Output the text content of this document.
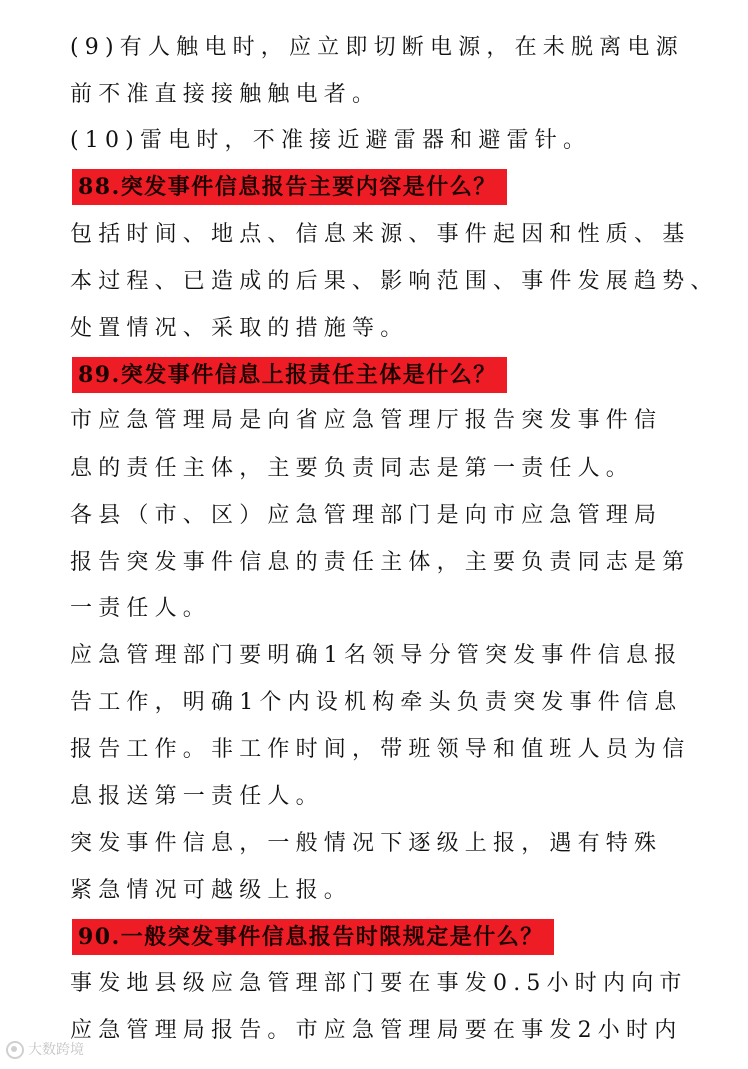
(9)有人触电时，应立即切断电源，在未脱离电源
前不准直接接触触电者。
(10)雷电时，不准接近避雷器和避雷针。
88.突发事件信息报告主要内容是什么？
包括时间、地点、信息来源、事件起因和性质、基
本过程、已造成的后果、影响范围、事件发展趋势、
处置情况、采取的措施等。
89.突发事件信息上报责任主体是什么？
市应急管理局是向省应急管理厅报告突发事件信
息的责任主体，主要负责同志是第一责任人。
各县（市、区）应急管理部门是向市应急管理局
报告突发事件信息的责任主体，主要负责同志是第
一责任人。
应急管理部门要明确1名领导分管突发事件信息报
告工作，明确1个内设机构牵头负责突发事件信息
报告工作。非工作时间，带班领导和值班人员为信
息报送第一责任人。
突发事件信息，一般情况下逐级上报，遇有特殊
紧急情况可越级上报。
90.一般突发事件信息报告时限规定是什么？
事发地县级应急管理部门要在事发0.5小时内向市
应急管理局报告。市应急管理局要在事发2小时内
大数跨境
